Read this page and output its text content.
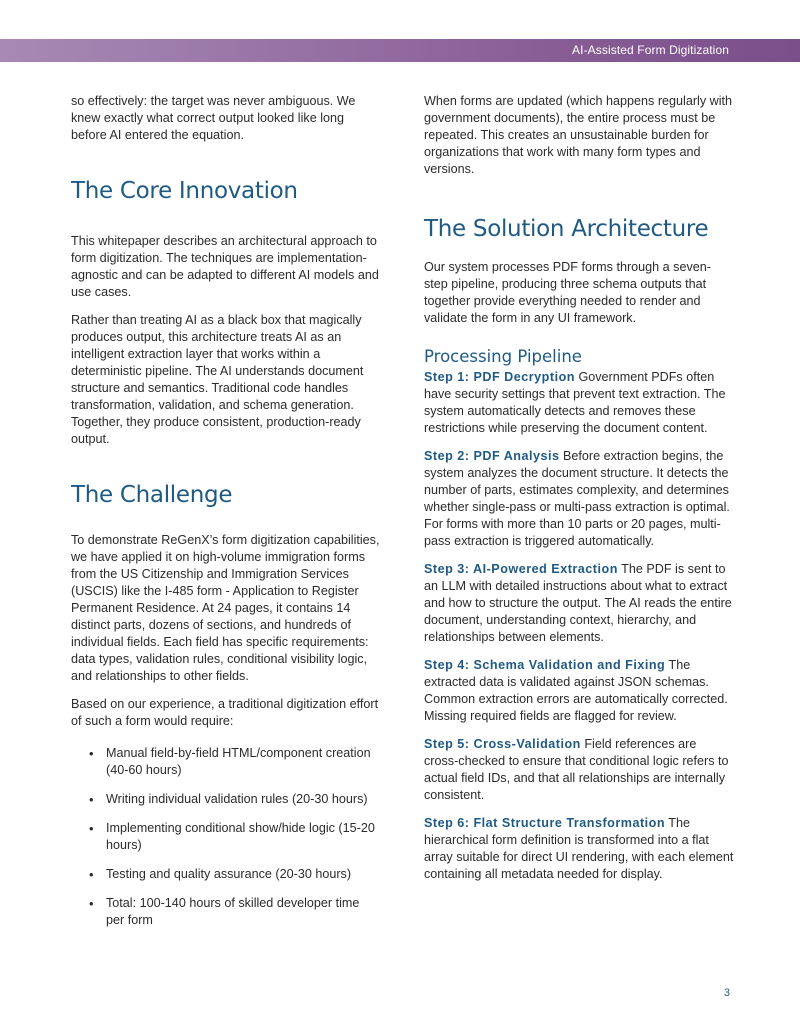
AI-Assisted Form Digitization

so effectively: the target was never ambiguous. We knew exactly what correct output looked like long before AI entered the equation.

The Core Innovation

This whitepaper describes an architectural approach to form digitization. The techniques are implementation-agnostic and can be adapted to different AI models and use cases.

Rather than treating AI as a black box that magically produces output, this architecture treats AI as an intelligent extraction layer that works within a deterministic pipeline. The AI understands document structure and semantics. Traditional code handles transformation, validation, and schema generation. Together, they produce consistent, production-ready output.

The Challenge

To demonstrate ReGenX’s form digitization capabilities, we have applied it on high-volume immigration forms from the US Citizenship and Immigration Services (USCIS) like the I-485 form - Application to Register Permanent Residence. At 24 pages, it contains 14 distinct parts, dozens of sections, and hundreds of individual fields. Each field has specific requirements: data types, validation rules, conditional visibility logic, and relationships to other fields.

Based on our experience, a traditional digitization effort of such a form would require:

• Manual field-by-field HTML/component creation (40-60 hours)
• Writing individual validation rules (20-30 hours)
• Implementing conditional show/hide logic (15-20 hours)
• Testing and quality assurance (20-30 hours)
• Total: 100-140 hours of skilled developer time per form

When forms are updated (which happens regularly with government documents), the entire process must be repeated. This creates an unsustainable burden for organizations that work with many form types and versions.

The Solution Architecture

Our system processes PDF forms through a seven-step pipeline, producing three schema outputs that together provide everything needed to render and validate the form in any UI framework.

Processing Pipeline

Step 1: PDF Decryption Government PDFs often have security settings that prevent text extraction. The system automatically detects and removes these restrictions while preserving the document content.

Step 2: PDF Analysis Before extraction begins, the system analyzes the document structure. It detects the number of parts, estimates complexity, and determines whether single-pass or multi-pass extraction is optimal. For forms with more than 10 parts or 20 pages, multi-pass extraction is triggered automatically.

Step 3: AI-Powered Extraction The PDF is sent to an LLM with detailed instructions about what to extract and how to structure the output. The AI reads the entire document, understanding context, hierarchy, and relationships between elements.

Step 4: Schema Validation and Fixing The extracted data is validated against JSON schemas. Common extraction errors are automatically corrected. Missing required fields are flagged for review.

Step 5: Cross-Validation Field references are cross-checked to ensure that conditional logic refers to actual field IDs, and that all relationships are internally consistent.

Step 6: Flat Structure Transformation The hierarchical form definition is transformed into a flat array suitable for direct UI rendering, with each element containing all metadata needed for display.

3
